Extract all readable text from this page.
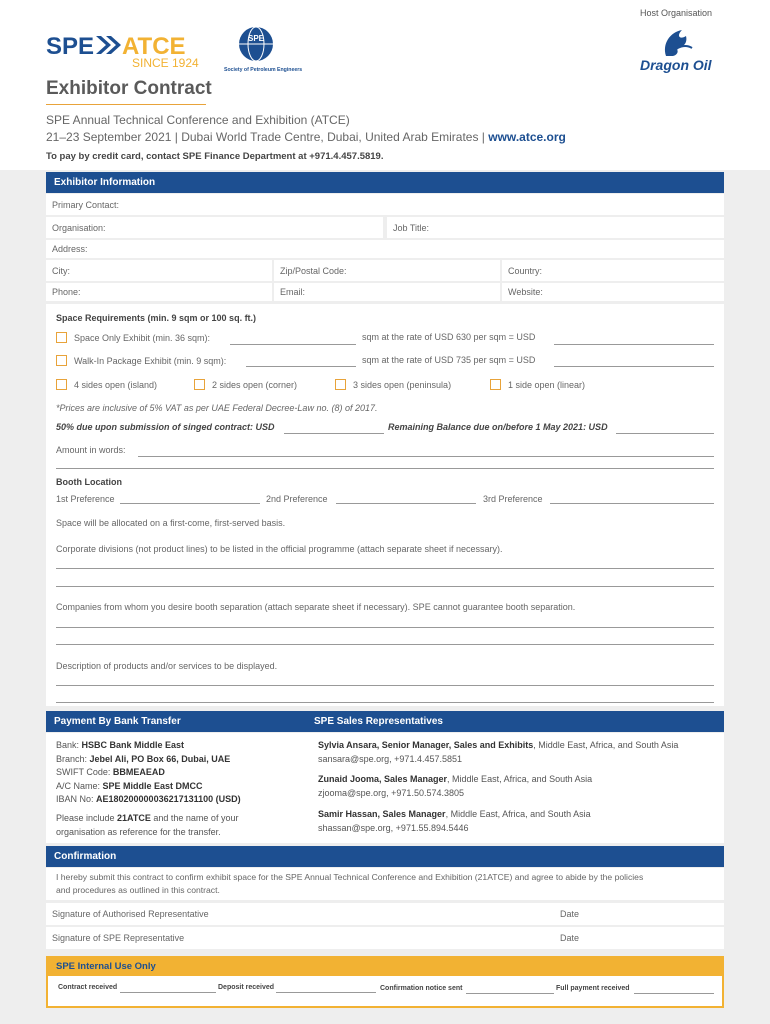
Host Organisation
SPE ATCE
SINCE 1924
SPE
Society of Petroleum Engineers	Dragon Oil
Exhibitor Contract
SPE Annual Technical Conference and Exhibition (ATCE)
21–23 September 2021 | Dubai World Trade Centre, Dubai, United Arab Emirates | www.atce.org
To pay by credit card, contact SPE Finance Department at +971.4.457.5819.
Exhibitor Information
Primary Contact:
Organisation:	Job Title:
Address:
City:	Zip/Postal Code:	Country:
Phone:	Email:	Website:
Space Requirements (min. 9 sqm or 100 sq. ft.)
Space Only Exhibit (min. 36 sqm):	sqm at the rate of USD 630 per sqm = USD
Walk-In Package Exhibit (min. 9 sqm):	sqm at the rate of USD 735 per sqm = USD
4 sides open (island)	2 sides open (corner)	3 sides open (peninsula)	1 side open (linear)
*Prices are inclusive of 5% VAT as per UAE Federal Decree-Law no. (8) of 2017.
50% due upon submission of singed contract: USD	Remaining Balance due on/before 1 May 2021: USD
Amount in words:
Booth Location
1st Preference	2nd Preference	3rd Preference
Space will be allocated on a first-come, first-served basis.
Corporate divisions (not product lines) to be listed in the official programme (attach separate sheet if necessary).
Companies from whom you desire booth separation (attach separate sheet if necessary). SPE cannot guarantee booth separation.
Description of products and/or services to be displayed.
Payment By Bank Transfer	SPE Sales Representatives
Bank: HSBC Bank Middle East
Branch: Jebel Ali, PO Box 66, Dubai, UAE
SWIFT Code: BBMEAEAD
A/C Name: SPE Middle East DMCC
IBAN No: AE180200000036217131100 (USD)
Please include 21ATCE and the name of your
organisation as reference for the transfer.
Sylvia Ansara, Senior Manager, Sales and Exhibits, Middle East, Africa, and South Asia
sansara@spe.org, +971.4.457.5851
Zunaid Jooma, Sales Manager, Middle East, Africa, and South Asia
zjooma@spe.org, +971.50.574.3805
Samir Hassan, Sales Manager, Middle East, Africa, and South Asia
shassan@spe.org, +971.55.894.5446
Confirmation
I hereby submit this contract to confirm exhibit space for the SPE Annual Technical Conference and Exhibition (21ATCE) and agree to abide by the policies
and procedures as outlined in this contract.
Signature of Authorised Representative	Date
Signature of SPE Representative	Date
SPE Internal Use Only
Contract received	Deposit received	Confirmation notice sent	Full payment received
